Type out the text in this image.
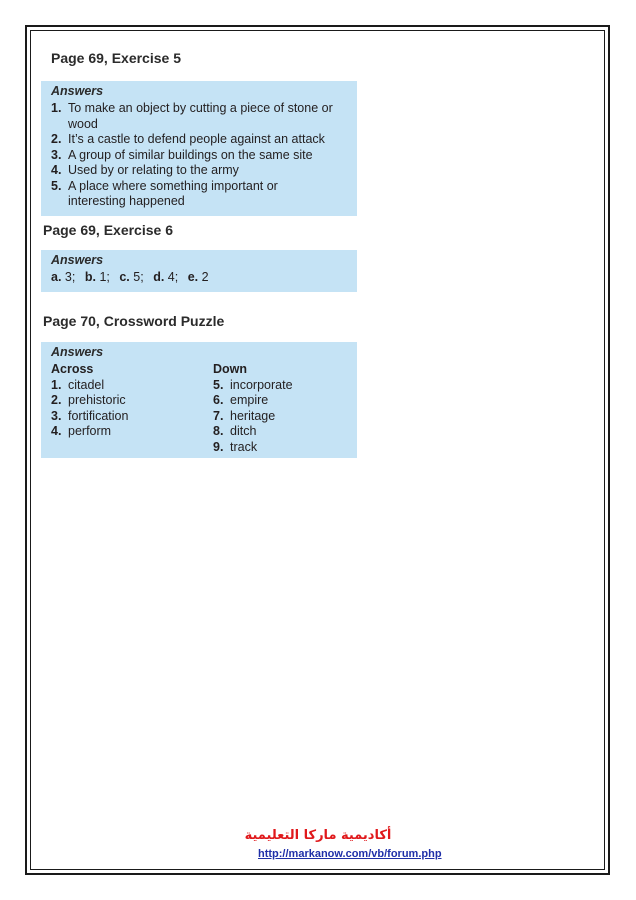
Page 69, Exercise 5

Answers

1. To make an object by cutting a piece of stone or wood
2. It’s a castle to defend people against an attack
3. A group of similar buildings on the same site
4. Used by or relating to the army
5. A place where something important or interesting happened
Page 69, Exercise 6

Answers

a. 3; b. 1; c. 5; d. 4; e. 2
Page 70, Crossword Puzzle

Answers

Across

1. citadel
2. prehistoric
3. fortification
4. perform

Down

5. incorporate
6. empire
7. heritage
8. ditch
9. track
أكاديمية ماركا التعليمية
http://markanow.com/vb/forum.php
